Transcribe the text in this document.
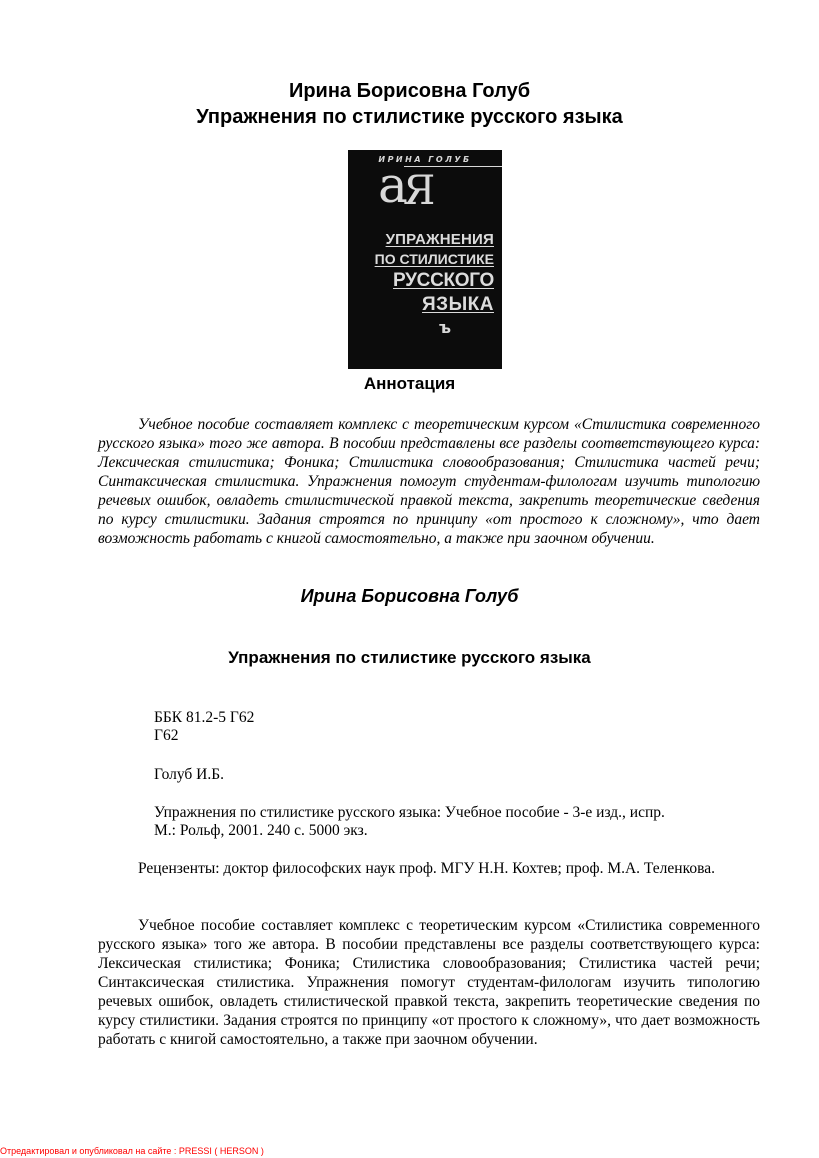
Ирина Борисовна Голуб
Упражнения по стилистике русского языка
ИРИНА ГОЛУБ
а
Я
УПРАЖНЕНИЯ
ПО СТИЛИСТИКЕ
РУССКОГО
ЯЗЫКА
ъ
Аннотация

Учебное пособие составляет комплекс с теоретическим курсом «Стилистика современного русского языка» того же автора. В пособии представлены все разделы соответствующего курса: Лексическая стилистика; Фоника; Стилистика словообразования; Стилистика частей речи; Синтаксическая стилистика. Упражнения помогут студентам-филологам изучить типологию речевых ошибок, овладеть стилистической правкой текста, закрепить теоретические сведения по курсу стилистики. Задания строятся по принципу «от простого к сложному», что дает возможность работать с книгой самостоятельно, а также при заочном обучении.

Ирина Борисовна Голуб
Упражнения по стилистике русского языка
ББК 81.2-5 Г62
Г62
Голуб И.Б.
Упражнения по стилистике русского языка: Учебное пособие - 3-е изд., испр.
М.: Рольф, 2001. 240 с. 5000 экз.

Рецензенты: доктор философских наук проф. МГУ Н.Н. Кохтев; проф. М.А. Теленкова.

Учебное пособие составляет комплекс с теоретическим курсом «Стилистика современного русского языка» того же автора. В пособии представлены все разделы соответствующего курса: Лексическая стилистика; Фоника; Стилистика словообразования; Стилистика частей речи; Синтаксическая стилистика. Упражнения помогут студентам-филологам изучить типологию речевых ошибок, овладеть стилистической правкой текста, закрепить теоретические сведения по курсу стилистики. Задания строятся по принципу «от простого к сложному», что дает возможность работать с книгой самостоятельно, а также при заочном обучении.

Отредактировал и опубликовал на сайте : PRESSI ( HERSON )
